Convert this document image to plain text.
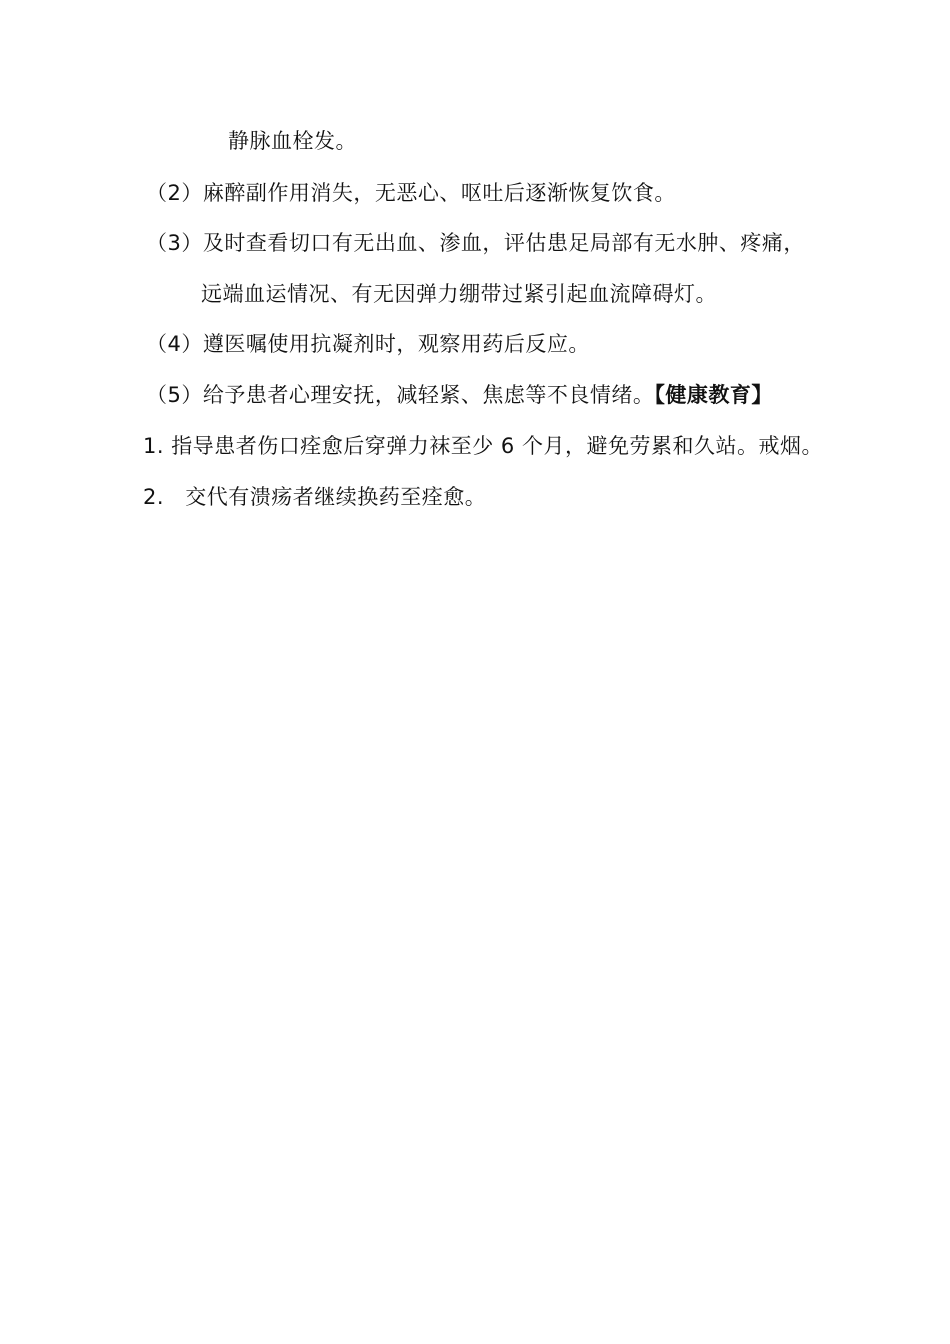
静脉血栓发。
（2）麻醉副作用消失，无恶心、呕吐后逐渐恢复饮食。
（3）及时查看切口有无出血、渗血，评估患足局部有无水肿、疼痛，
远端血运情况、有无因弹力绷带过紧引起血流障碍灯。
（4）遵医嘱使用抗凝剂时，观察用药后反应。
（5）给予患者心理安抚，减轻紧、焦虑等不良情绪。【健康教育】
1. 指导患者伤口痊愈后穿弹力袜至少 6 个月，避免劳累和久站。戒烟。
2. 交代有溃疡者继续换药至痊愈。
